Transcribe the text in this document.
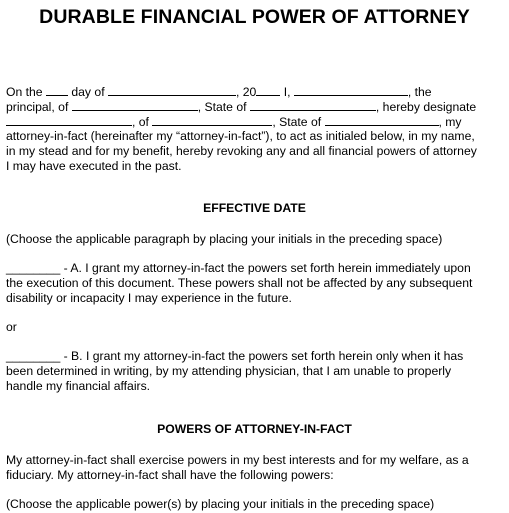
DURABLE FINANCIAL POWER OF ATTORNEY
On the day of	, 20 I,	, the
principal, of	, State of	, hereby designate
, of	, State of	, my
attorney-in-fact (hereinafter my “attorney-in-fact”), to act as initialed below, in my name,
in my stead and for my benefit, hereby revoking any and all financial powers of attorney
I may have executed in the past.
EFFECTIVE DATE
(Choose the applicable paragraph by placing your initials in the preceding space)
________ - A. I grant my attorney-in-fact the powers set forth herein immediately upon
the execution of this document. These powers shall not be affected by any subsequent
disability or incapacity I may experience in the future.
or
________ - B. I grant my attorney-in-fact the powers set forth herein only when it has
been determined in writing, by my attending physician, that I am unable to properly
handle my financial affairs.
POWERS OF ATTORNEY-IN-FACT
My attorney-in-fact shall exercise powers in my best interests and for my welfare, as a
fiduciary. My attorney-in-fact shall have the following powers:
(Choose the applicable power(s) by placing your initials in the preceding space)
